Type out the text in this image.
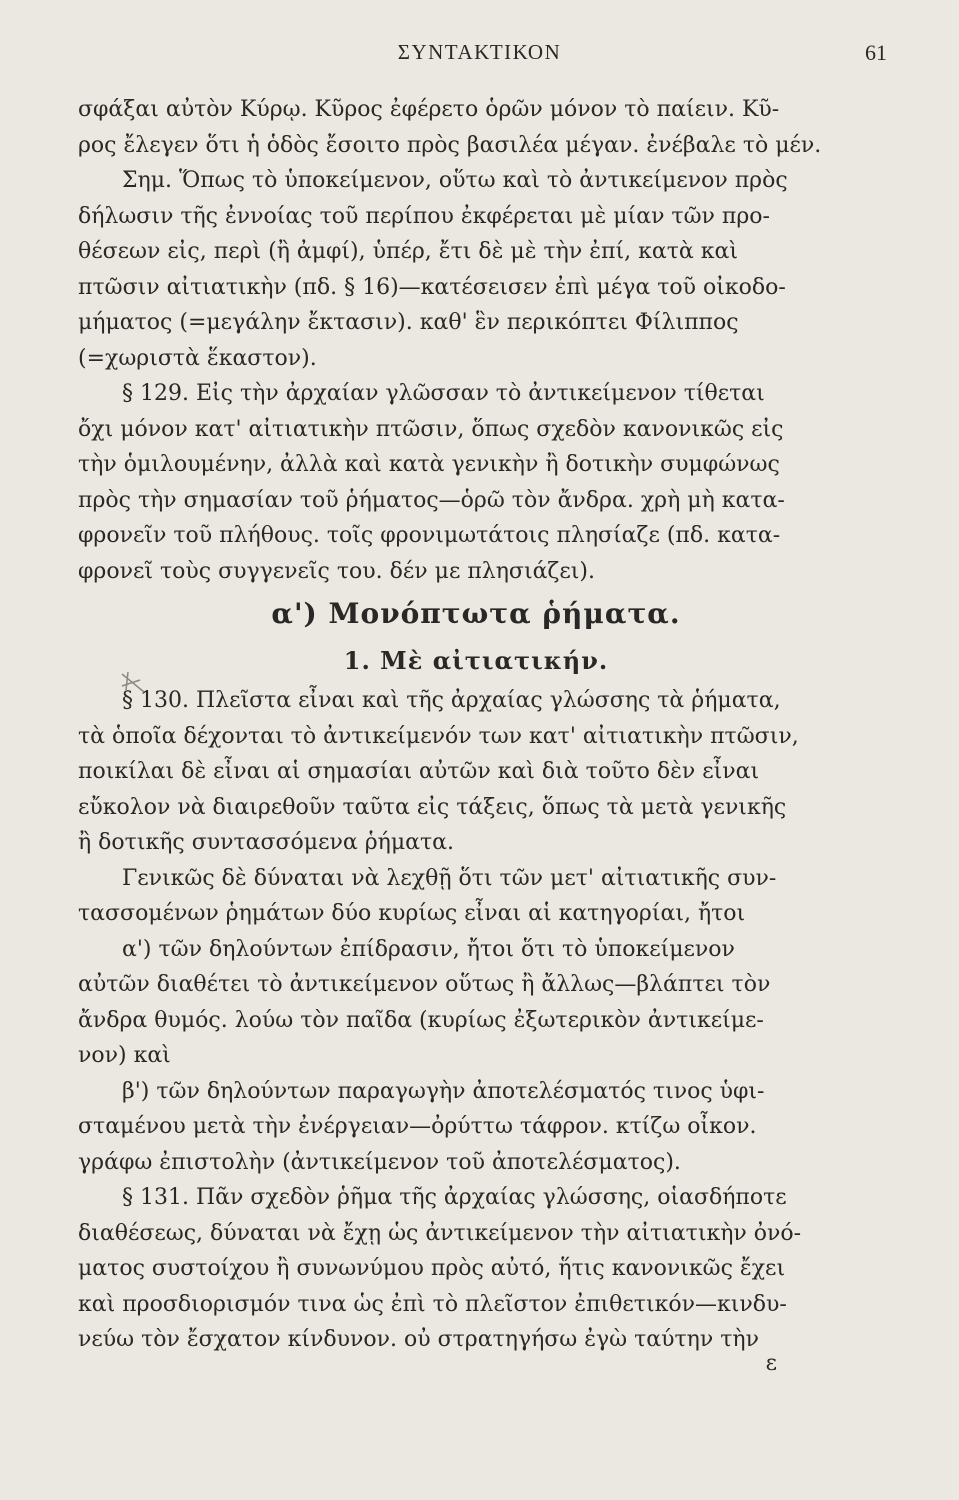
ΣΥΝΤΑΚΤΙΚΟΝ	61
σφάξαι αὐτὸν Κύρῳ. Κῦρος ἐφέρετο ὁρῶν μόνον τὸ παίειν. Κῦ-
ρος ἔλεγεν ὅτι ἡ ὁδὸς ἔσοιτο πρὸς βασιλέα μέγαν. ἐνέβαλε τὸ μέν.
Σημ. Ὅπως τὸ ὑποκείμενον, οὕτω καὶ τὸ ἀντικείμενον πρὸς
δήλωσιν τῆς ἐννοίας τοῦ περίπου ἐκφέρεται μὲ μίαν τῶν προ-
θέσεων εἰς, περὶ (ἢ ἀμφί), ὑπέρ, ἔτι δὲ μὲ τὴν ἐπί, κατὰ καὶ
πτῶσιν αἰτιατικὴν (πδ. § 16)—κατέσεισεν ἐπὶ μέγα τοῦ οἰκοδο-
μήματος (=μεγάλην ἔκτασιν). καθ' ἓν περικόπτει Φίλιππος
(=χωριστὰ ἕκαστον).
§ 129. Εἰς τὴν ἀρχαίαν γλῶσσαν τὸ ἀντικείμενον τίθεται
ὄχι μόνον κατ' αἰτιατικὴν πτῶσιν, ὅπως σχεδὸν κανονικῶς εἰς
τὴν ὁμιλουμένην, ἀλλὰ καὶ κατὰ γενικὴν ἢ δοτικὴν συμφώνως
πρὸς τὴν σημασίαν τοῦ ῥήματος—ὁρῶ τὸν ἄνδρα. χρὴ μὴ κατα-
φρονεῖν τοῦ πλήθους. τοῖς φρονιμωτάτοις πλησίαζε (πδ. κατα-
φρονεῖ τοὺς συγγενεῖς του. δέν με πλησιάζει).
α') Μονόπτωτα ῥήματα.
1. Μὲ αἰτιατικήν.
§ 130. Πλεῖστα εἶναι καὶ τῆς ἀρχαίας γλώσσης τὰ ῥήματα,
τὰ ὁποῖα δέχονται τὸ ἀντικείμενόν των κατ' αἰτιατικὴν πτῶσιν,
ποικίλαι δὲ εἶναι αἱ σημασίαι αὐτῶν καὶ διὰ τοῦτο δὲν εἶναι
εὔκολον νὰ διαιρεθοῦν ταῦτα εἰς τάξεις, ὅπως τὰ μετὰ γενικῆς
ἢ δοτικῆς συντασσόμενα ῥήματα.
Γενικῶς δὲ δύναται νὰ λεχθῇ ὅτι τῶν μετ' αἰτιατικῆς συν-
τασσομένων ῥημάτων δύο κυρίως εἶναι αἱ κατηγορίαι, ἤτοι
α') τῶν δηλούντων ἐπίδρασιν, ἤτοι ὅτι τὸ ὑποκείμενον
αὐτῶν διαθέτει τὸ ἀντικείμενον οὕτως ἢ ἄλλως—βλάπτει τὸν
ἄνδρα θυμός. λούω τὸν παῖδα (κυρίως ἐξωτερικὸν ἀντικείμε-
νον) καὶ
β') τῶν δηλούντων παραγωγὴν ἀποτελέσματός τινος ὑφι-
σταμένου μετὰ τὴν ἐνέργειαν—ὀρύττω τάφρον. κτίζω οἶκον.
γράφω ἐπιστολὴν (ἀντικείμενον τοῦ ἀποτελέσματος).
§ 131. Πᾶν σχεδὸν ῥῆμα τῆς ἀρχαίας γλώσσης, οἱασδήποτε
διαθέσεως, δύναται νὰ ἔχῃ ὡς ἀντικείμενον τὴν αἰτιατικὴν ὀνό-
ματος συστοίχου ἢ συνωνύμου πρὸς αὐτό, ἥτις κανονικῶς ἔχει
καὶ προσδιορισμόν τινα ὡς ἐπὶ τὸ πλεῖστον ἐπιθετικόν—κινδυ-
νεύω τὸν ἔσχατον κίνδυνον. οὐ στρατηγήσω ἐγὼ ταύτην τὴν
ε
